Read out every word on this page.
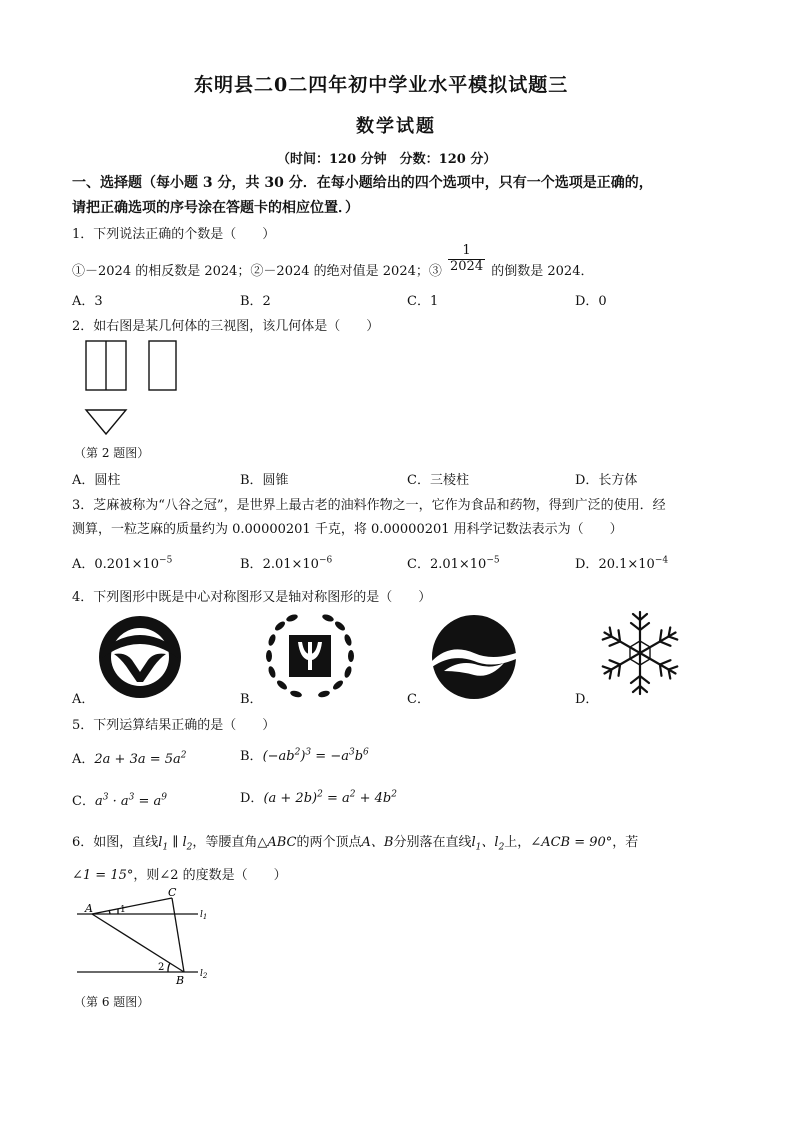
东明县二0二四年初中学业水平模拟试题三
数学试题
（时间：120 分钟　分数：120 分）
一、选择题（每小题 3 分，共 30 分．在每小题给出的四个选项中，只有一个选项是正确的，
请把正确选项的序号涂在答题卡的相应位置．）
1．下列说法正确的个数是（　　）
①－2024 的相反数是 2024；②－2024 的绝对值是 2024；③ $\frac{1}{2024}$ 的倒数是 2024．
A．3	B．2	C．1	D．0
2．如右图是某几何体的三视图，该几何体是（　　）
（第 2 题图）
A．圆柱	B．圆锥	C．三棱柱	D．长方体
3．芝麻被称为“八谷之冠”，是世界上最古老的油料作物之一，它作为食品和药物，得到广泛的使用．经
测算，一粒芝麻的质量约为 0.00000201 千克，将 0.00000201 用科学记数法表示为（　　）
A．$0.201\times 10^{-5}$	B．$2.01\times 10^{-6}$	C．$2.01\times 10^{-5}$	D．$20.1\times 10^{-4}$
4．下列图形中既是中心对称图形又是轴对称图形的是（　　）
A．	B．	C．	D．
5．下列运算结果正确的是（　　）
A．$2a + 3a = 5a^2$	B．$(-ab^2)^3 = -a^3b^6$
C．$a^3 \cdot a^3 = a^9$	D．$(a + 2b)^2 = a^2 + 4b^2$
6．如图，直线$l_1$ ∥ $l_2$，等腰直角△ABC的两个顶点A、B分别落在直线$l_1$、$l_2$上，∠ACB = 90°，若
∠1 = 15°，则∠2 的度数是（　　）
A
C
B
1
2
$l_1$
$l_2$
（第 6 题图）
